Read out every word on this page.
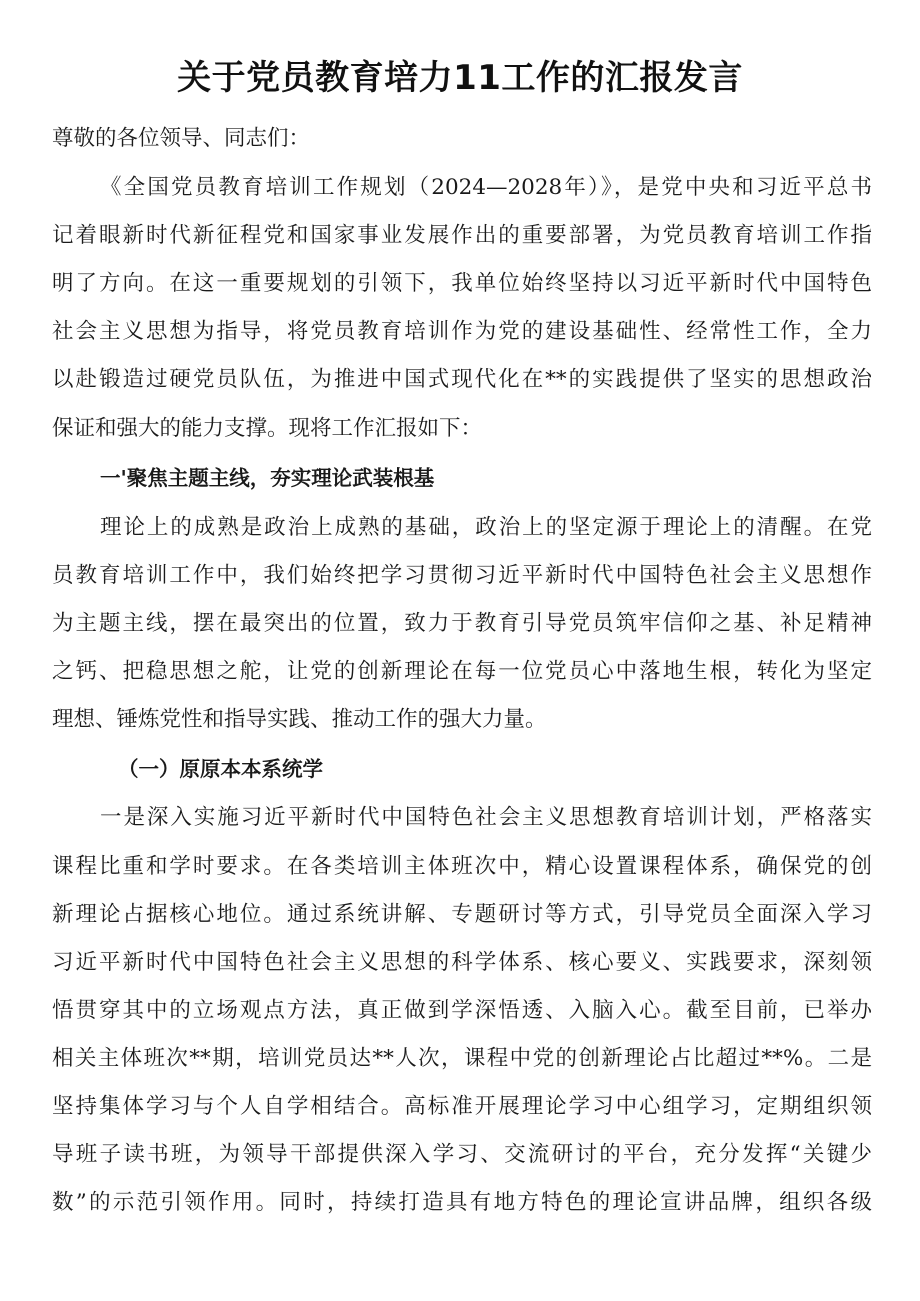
关于党员教育培力11工作的汇报发言

尊敬的各位领导、同志们：

《全国党员教育培训工作规划（2024—2028年）》，是党中央和习近平总书

记着眼新时代新征程党和国家事业发展作出的重要部署，为党员教育培训工作指

明了方向。在这一重要规划的引领下，我单位始终坚持以习近平新时代中国特色

社会主义思想为指导，将党员教育培训作为党的建设基础性、经常性工作，全力

以赴锻造过硬党员队伍，为推进中国式现代化在**的实践提供了坚实的思想政治

保证和强大的能力支撑。现将工作汇报如下：

一'聚焦主题主线，夯实理论武装根基

理论上的成熟是政治上成熟的基础，政治上的坚定源于理论上的清醒。在党

员教育培训工作中，我们始终把学习贯彻习近平新时代中国特色社会主义思想作

为主题主线，摆在最突出的位置，致力于教育引导党员筑牢信仰之基、补足精神

之钙、把稳思想之舵，让党的创新理论在每一位党员心中落地生根，转化为坚定

理想、锤炼党性和指导实践、推动工作的强大力量。

（一）原原本本系统学

一是深入实施习近平新时代中国特色社会主义思想教育培训计划，严格落实

课程比重和学时要求。在各类培训主体班次中，精心设置课程体系，确保党的创

新理论占据核心地位。通过系统讲解、专题研讨等方式，引导党员全面深入学习

习近平新时代中国特色社会主义思想的科学体系、核心要义、实践要求，深刻领

悟贯穿其中的立场观点方法，真正做到学深悟透、入脑入心。截至目前，已举办

相关主体班次**期，培训党员达**人次，课程中党的创新理论占比超过**%。二是

坚持集体学习与个人自学相结合。高标准开展理论学习中心组学习，定期组织领

导班子读书班，为领导干部提供深入学习、交流研讨的平台，充分发挥“关键少

数”的示范引领作用。同时，持续打造具有地方特色的理论宣讲品牌，组织各级
